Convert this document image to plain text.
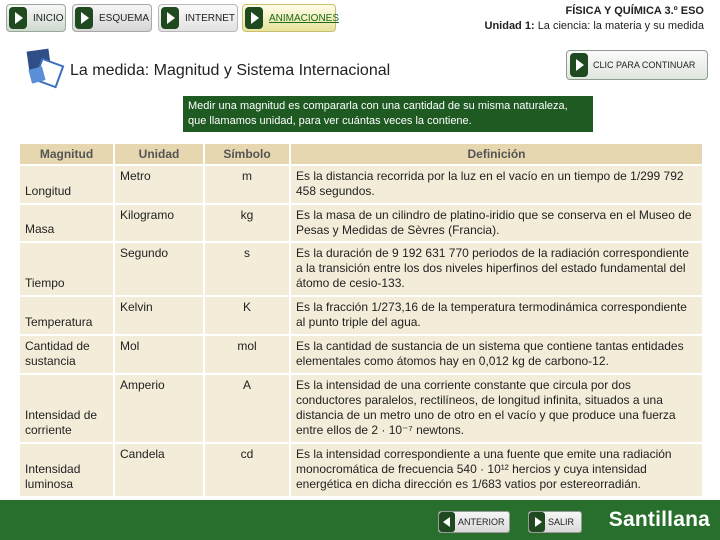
INICIO	ESQUEMA	INTERNET	ANIMACIONES
FÍSICA Y QUÍMICA 3.º ESO
Unidad 1: La ciencia: la materia y su medida
La medida: Magnitud y Sistema Internacional	CLIC PARA CONTINUAR
Medir una magnitud es compararla con una cantidad de su misma naturaleza, que llamamos unidad, para ver cuántas veces la contiene.
Magnitud	Unidad	Símbolo	Definición
Longitud	Metro	m	Es la distancia recorrida por la luz en el vacío en un tiempo de 1/299 792 458 segundos.
Masa	Kilogramo	kg	Es la masa de un cilindro de platino-iridio que se conserva en el Museo de Pesas y Medidas de Sèvres (Francia).
Tiempo	Segundo	s	Es la duración de 9 192 631 770 periodos de la radiación correspondiente a la transición entre los dos niveles hiperfinos del estado fundamental del átomo de cesio-133.
Temperatura	Kelvin	K	Es la fracción 1/273,16 de la temperatura termodinámica correspondiente al punto triple del agua.
Cantidad de sustancia	Mol	mol	Es la cantidad de sustancia de un sistema que contiene tantas entidades elementales como átomos hay en 0,012 kg de carbono-12.
Intensidad de corriente	Amperio	A	Es la intensidad de una corriente constante que circula por dos conductores paralelos, rectilíneos, de longitud infinita, situados a una distancia de un metro uno de otro en el vacío y que produce una fuerza entre ellos de 2 · 10⁻⁷ newtons.
Intensidad luminosa	Candela	cd	Es la intensidad correspondiente a una fuente que emite una radiación monocromática de frecuencia 540 · 10¹² hercios y cuya intensidad energética en dicha dirección es 1/683 vatios por estereorradián.
ANTERIOR	SALIR Santillana
